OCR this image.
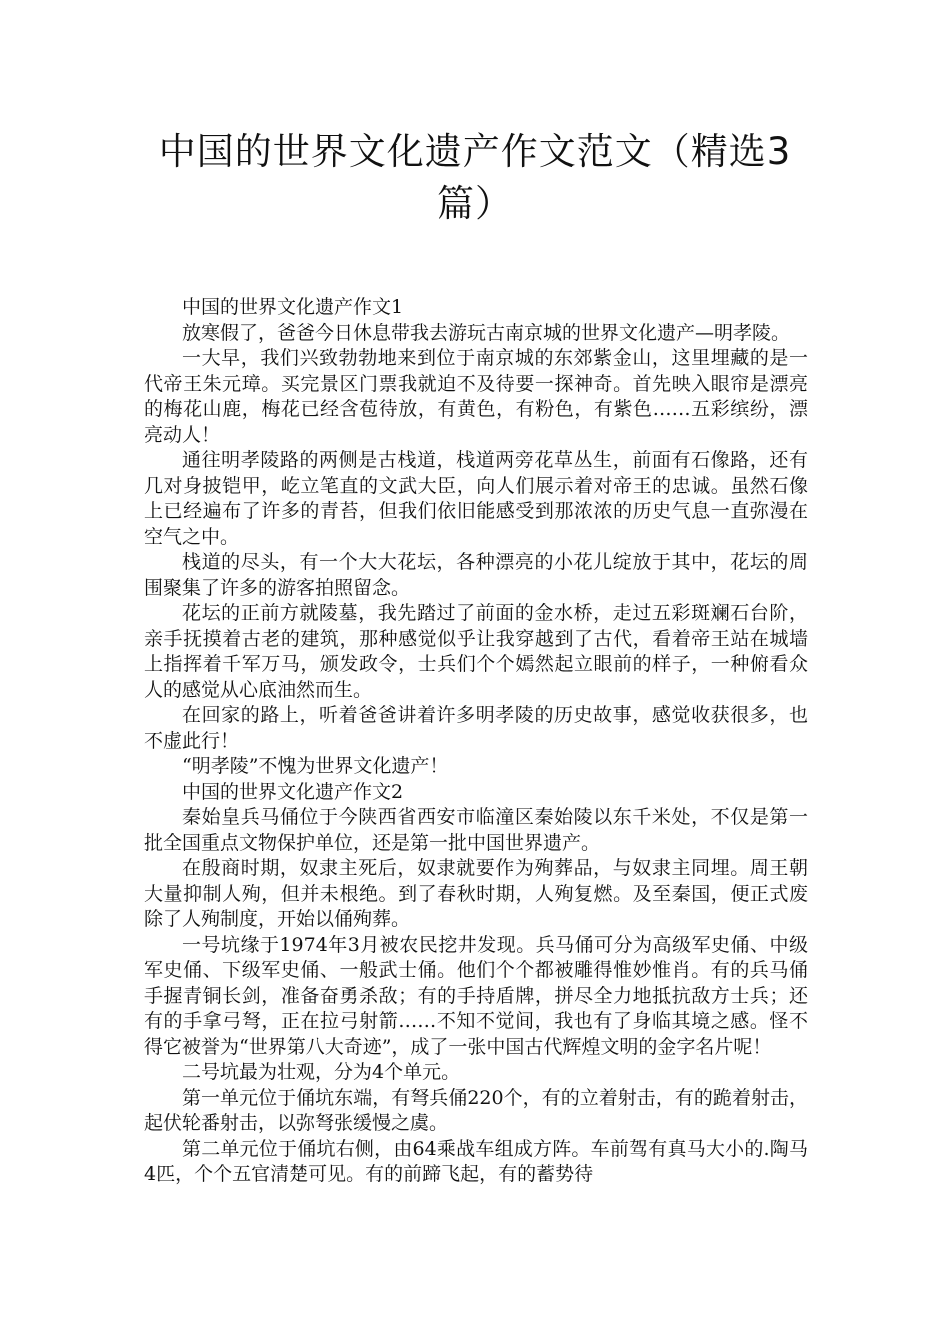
中国的世界文化遗产作文范文（精选3篇）

中国的世界文化遗产作文1

放寒假了，爸爸今日休息带我去游玩古南京城的世界文化遗产—明孝陵。

一大早，我们兴致勃勃地来到位于南京城的东郊紫金山，这里埋藏的是一代帝王朱元璋。买完景区门票我就迫不及待要一探神奇。首先映入眼帘是漂亮的梅花山鹿，梅花已经含苞待放，有黄色，有粉色，有紫色……五彩缤纷，漂亮动人！

通往明孝陵路的两侧是古栈道，栈道两旁花草丛生，前面有石像路，还有几对身披铠甲，屹立笔直的文武大臣，向人们展示着对帝王的忠诚。虽然石像上已经遍布了许多的青苔，但我们依旧能感受到那浓浓的历史气息一直弥漫在空气之中。

栈道的尽头，有一个大大花坛，各种漂亮的小花儿绽放于其中，花坛的周围聚集了许多的游客拍照留念。

花坛的正前方就陵墓，我先踏过了前面的金水桥，走过五彩斑斓石台阶，亲手抚摸着古老的建筑，那种感觉似乎让我穿越到了古代，看着帝王站在城墙上指挥着千军万马，颁发政令，士兵们个个嫣然起立眼前的样子，一种俯看众人的感觉从心底油然而生。

在回家的路上，听着爸爸讲着许多明孝陵的历史故事，感觉收获很多，也不虚此行！

“明孝陵”不愧为世界文化遗产！

中国的世界文化遗产作文2

秦始皇兵马俑位于今陕西省西安市临潼区秦始陵以东千米处，不仅是第一批全国重点文物保护单位，还是第一批中国世界遗产。

在殷商时期，奴隶主死后，奴隶就要作为殉葬品，与奴隶主同埋。周王朝大量抑制人殉，但并未根绝。到了春秋时期，人殉复燃。及至秦国，便正式废除了人殉制度，开始以俑殉葬。

一号坑缘于1974年3月被农民挖井发现。兵马俑可分为高级军史俑、中级军史俑、下级军史俑、一般武士俑。他们个个都被雕得惟妙惟肖。有的兵马俑手握青铜长剑，准备奋勇杀敌；有的手持盾牌，拼尽全力地抵抗敌方士兵；还有的手拿弓弩，正在拉弓射箭……不知不觉间，我也有了身临其境之感。怪不得它被誉为“世界第八大奇迹”，成了一张中国古代辉煌文明的金字名片呢！

二号坑最为壮观，分为4个单元。

第一单元位于俑坑东端，有弩兵俑220个，有的立着射击，有的跪着射击，起伏轮番射击，以弥弩张缓慢之虞。

第二单元位于俑坑右侧，由64乘战车组成方阵。车前驾有真马大小的.陶马4匹，个个五官清楚可见。有的前蹄飞起，有的蓄势待
